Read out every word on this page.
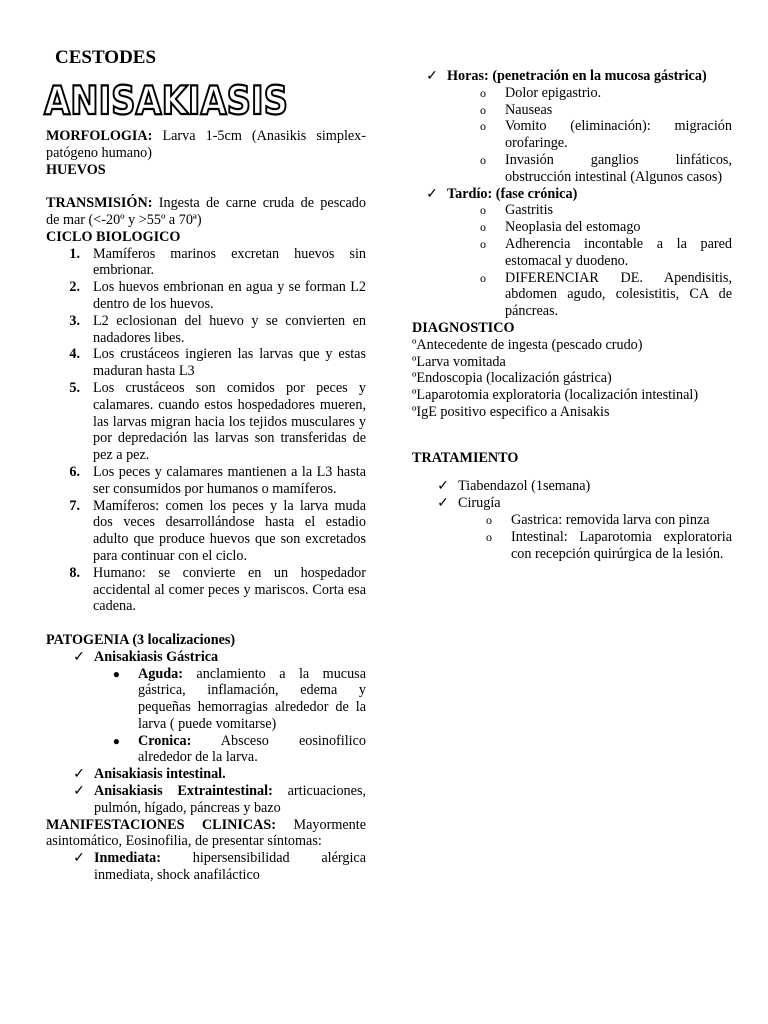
CESTODES
ANISAKIASIS

MORFOLOGIA: Larva 1-5cm (Anasikis simplex-patógeno humano)

HUEVOS

TRANSMISIÓN: Ingesta de carne cruda de pescado de mar (<-20º y >55º a 70ª)

CICLO BIOLOGICO

1. Mamíferos marinos excretan huevos sin embrionar.
2. Los huevos embrionan en agua y se forman L2 dentro de los huevos.
3. L2 eclosionan del huevo y se convierten en nadadores libes.
4. Los crustáceos ingieren las larvas que y estas maduran hasta L3
5. Los crustáceos son comidos por peces y calamares. cuando estos hospedadores mueren, las larvas migran hacia los tejidos musculares y por depredación las larvas son transferidas de pez a pez.
6. Los peces y calamares mantienen a la L3 hasta ser consumidos por humanos o mamíferos.
7. Mamíferos: comen los peces y la larva muda dos veces desarrollándose hasta el estadio adulto que produce huevos que son excretados para continuar con el ciclo.
8. Humano: se convierte en un hospedador accidental al comer peces y mariscos. Corta esa cadena.

PATOGENIA (3 localizaciones)

✓ Anisakiasis Gástrica
●	Aguda: anclamiento a la mucusa gástrica, inflamación, edema y pequeñas hemorragias alrededor de la larva ( puede vomitarse)
●	Cronica: Absceso eosinofilico alrededor de la larva.
✓ Anisakiasis intestinal.
✓ Anisakiasis Extraintestinal: articuaciones, pulmón, hígado, páncreas y bazo

MANIFESTACIONES CLINICAS: Mayormente asintomático, Eosinofilia, de presentar síntomas:

✓ Inmediata: hipersensibilidad alérgica inmediata, shock anafiláctico
✓ Horas: (penetración en la mucosa gástrica)
o	Dolor epigastrio.
o	Nauseas
o	Vomito (eliminación): migración orofaringe.
o	Invasión ganglios linfáticos, obstrucción intestinal (Algunos casos)
✓ Tardío: (fase crónica)
o	Gastritis
o	Neoplasia del estomago
o	Adherencia incontable a la pared estomacal y duodeno.
o	DIFERENCIAR DE. Apendisitis, abdomen agudo, colesistitis, CA de páncreas.

DIAGNOSTICO

ºAntecedente de ingesta (pescado crudo)

ºLarva vomitada

ºEndoscopia (localización gástrica)

ºLaparotomia exploratoria (localización intestinal)

ºIgE positivo especifico a Anisakis

TRATAMIENTO

✓ Tiabendazol (1semana)
✓ Cirugía
o	Gastrica: removida larva con pinza
o	Intestinal: Laparotomia exploratoria con recepción quirúrgica de la lesión.
